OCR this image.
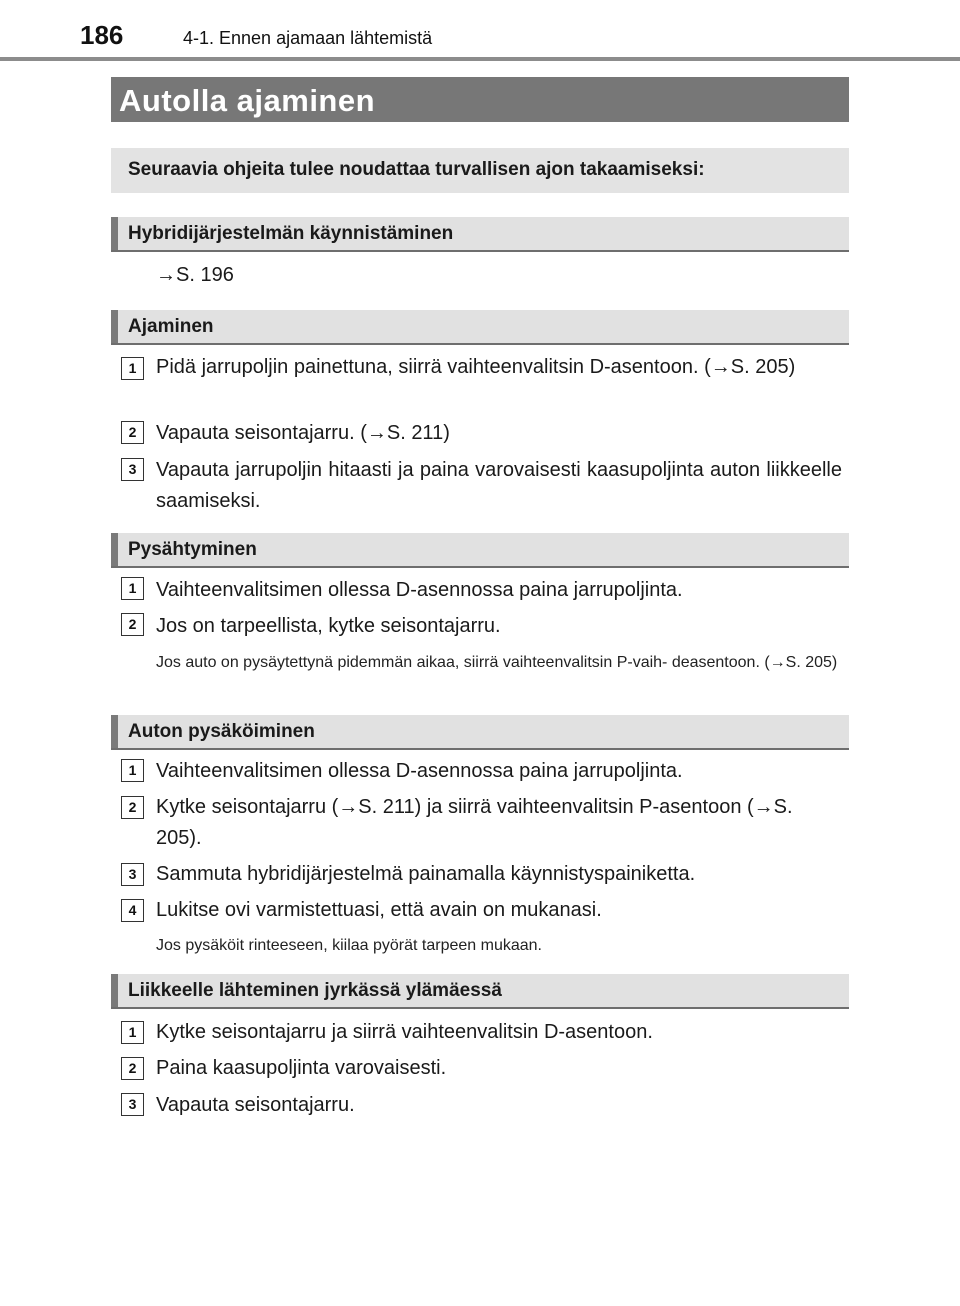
186	4-1. Ennen ajamaan lähtemistä
Autolla ajaminen
Seuraavia ohjeita tulee noudattaa turvallisen ajon takaamiseksi:
Hybridijärjestelmän käynnistäminen
→S. 196
Ajaminen
1 Pidä jarrupoljin painettuna, siirrä vaihteenvalitsin D-asentoon. (→S. 205)
2 Vapauta seisontajarru. (→S. 211)
3 Vapauta jarrupoljin hitaasti ja paina varovaisesti kaasupoljinta auton liikkeelle saamiseksi.
Pysähtyminen
1 Vaihteenvalitsimen ollessa D-asennossa paina jarrupoljinta.
2 Jos on tarpeellista, kytke seisontajarru.
Jos auto on pysäytettynä pidemmän aikaa, siirrä vaihteenvalitsin P-vaih- deasentoon. (→S. 205)
Auton pysäköiminen
1 Vaihteenvalitsimen ollessa D-asennossa paina jarrupoljinta.
2 Kytke seisontajarru (→S. 211) ja siirrä vaihteenvalitsin P-asentoon (→S. 205).
3 Sammuta hybridijärjestelmä painamalla käynnistyspainiketta.
4 Lukitse ovi varmistettuasi, että avain on mukanasi.
Jos pysäköit rinteeseen, kiilaa pyörät tarpeen mukaan.
Liikkeelle lähteminen jyrkässä ylämäessä
1 Kytke seisontajarru ja siirrä vaihteenvalitsin D-asentoon.
2 Paina kaasupoljinta varovaisesti.
3 Vapauta seisontajarru.
